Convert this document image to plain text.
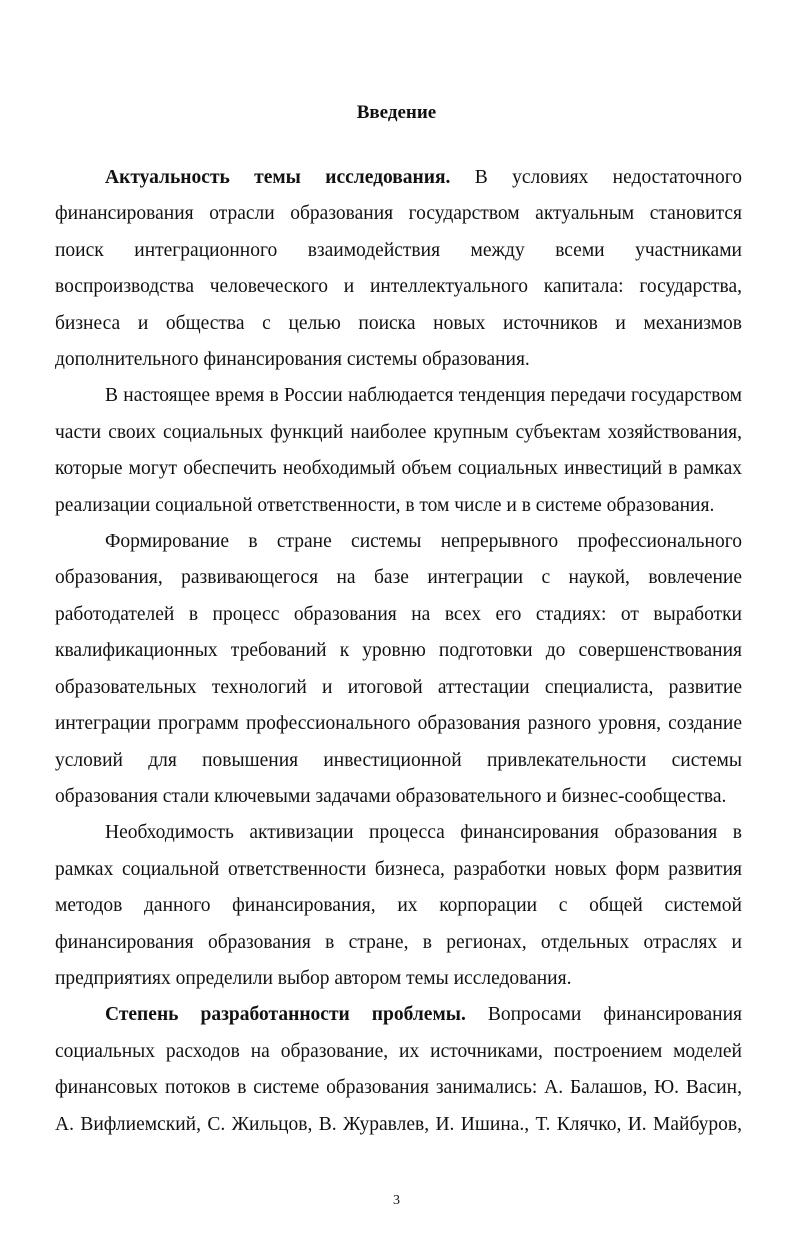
Введение

Актуальность темы исследования. В условиях недостаточного финансирования отрасли образования государством актуальным становится поиск интеграционного взаимодействия между всеми участниками воспроизводства человеческого и интеллектуального капитала: государства, бизнеса и общества с целью поиска новых источников и механизмов дополнительного финансирования системы образования.

В настоящее время в России наблюдается тенденция передачи государством части своих социальных функций наиболее крупным субъектам хозяйствования, которые могут обеспечить необходимый объем социальных инвестиций в рамках реализации социальной ответственности, в том числе и в системе образования.

Формирование в стране системы непрерывного профессионального образования, развивающегося на базе интеграции с наукой, вовлечение работодателей в процесс образования на всех его стадиях: от выработки квалификационных требований к уровню подготовки до совершенствования образовательных технологий и итоговой аттестации специалиста, развитие интеграции программ профессионального образования разного уровня, создание условий для повышения инвестиционной привлекательности системы образования стали ключевыми задачами образовательного и бизнес-сообщества.

Необходимость активизации процесса финансирования образования в рамках социальной ответственности бизнеса, разработки новых форм развития методов данного финансирования, их корпорации с общей системой финансирования образования в стране, в регионах, отдельных отраслях и предприятиях определили выбор автором темы исследования.

Степень разработанности проблемы. Вопросами финансирования социальных расходов на образование, их источниками, построением моделей финансовых потоков в системе образования занимались: А. Балашов, Ю. Васин, А. Вифлиемский, С. Жильцов, В. Журавлев, И. Ишина., Т. Клячко, И. Майбуров,

3
